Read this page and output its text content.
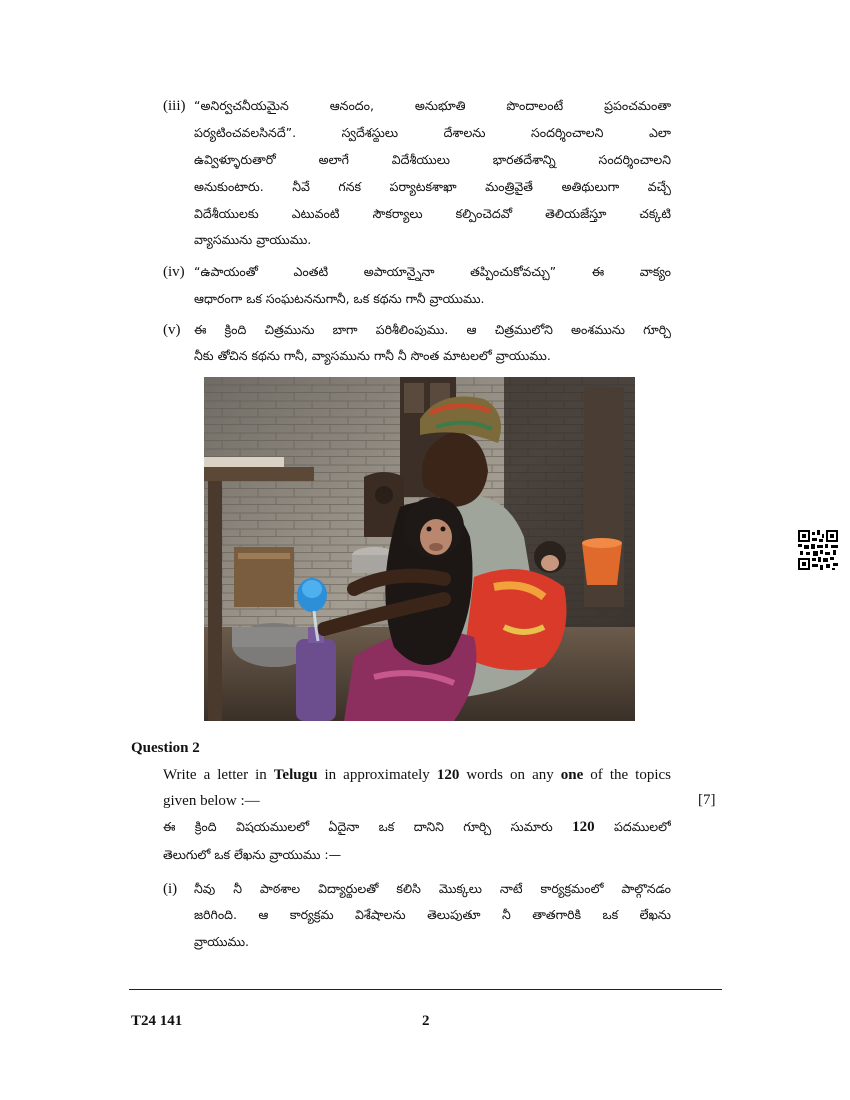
(iii) “అనిర్వచనీయమైన ఆనందం, అనుభూతి పొందాలంటే ప్రపంచమంతా
పర్యటించవలసినదే”. స్వదేశస్థులు దేశాలను సందర్శించాలని ఎలా
ఉవ్విళ్ళూరుతారో అలాగే విదేశీయులు భారతదేశాన్ని సందర్శించాలని
అనుకుంటారు. నీవే గనక పర్యాటకశాఖా మంత్రివైతే అతిథులుగా వచ్చే
విదేశీయులకు ఎటువంటి సౌకర్యాలు కల్పించెదవో తెలియజేస్తూ చక్కటి
వ్యాసమును వ్రాయుము.
(iv) “ఉపాయంతో ఎంతటి అపాయాన్నైనా తప్పించుకోవచ్చు” ఈ వాక్యం
ఆధారంగా ఒక సంఘటననుగానీ, ఒక కథను గానీ వ్రాయుము.
(v) ఈ క్రింది చిత్రమును బాగా పరిశీలింపుము. ఆ చిత్రములోని అంశమును గూర్చి
నీకు తోచిన కథను గానీ, వ్యాసమును గానీ నీ సొంత మాటలలో వ్రాయుము.
Question 2
Write a letter in Telugu in approximately 120 words on any one of the topics
given below :—	[7]
ఈ క్రింది విషయములలో ఏదైనా ఒక దానిని గూర్చి సుమారు 120 పదములలో
తెలుగులో ఒక లేఖను వ్రాయుము :—
(i) నీవు నీ పాఠశాల విద్యార్థులతో కలిసి మొక్కలు నాటే కార్యక్రమంలో పాల్గొనడం
జరిగింది. ఆ కార్యక్రమ విశేషాలను తెలుపుతూ నీ తాతగారికి ఒక లేఖను
వ్రాయుము.
T24 141	2
